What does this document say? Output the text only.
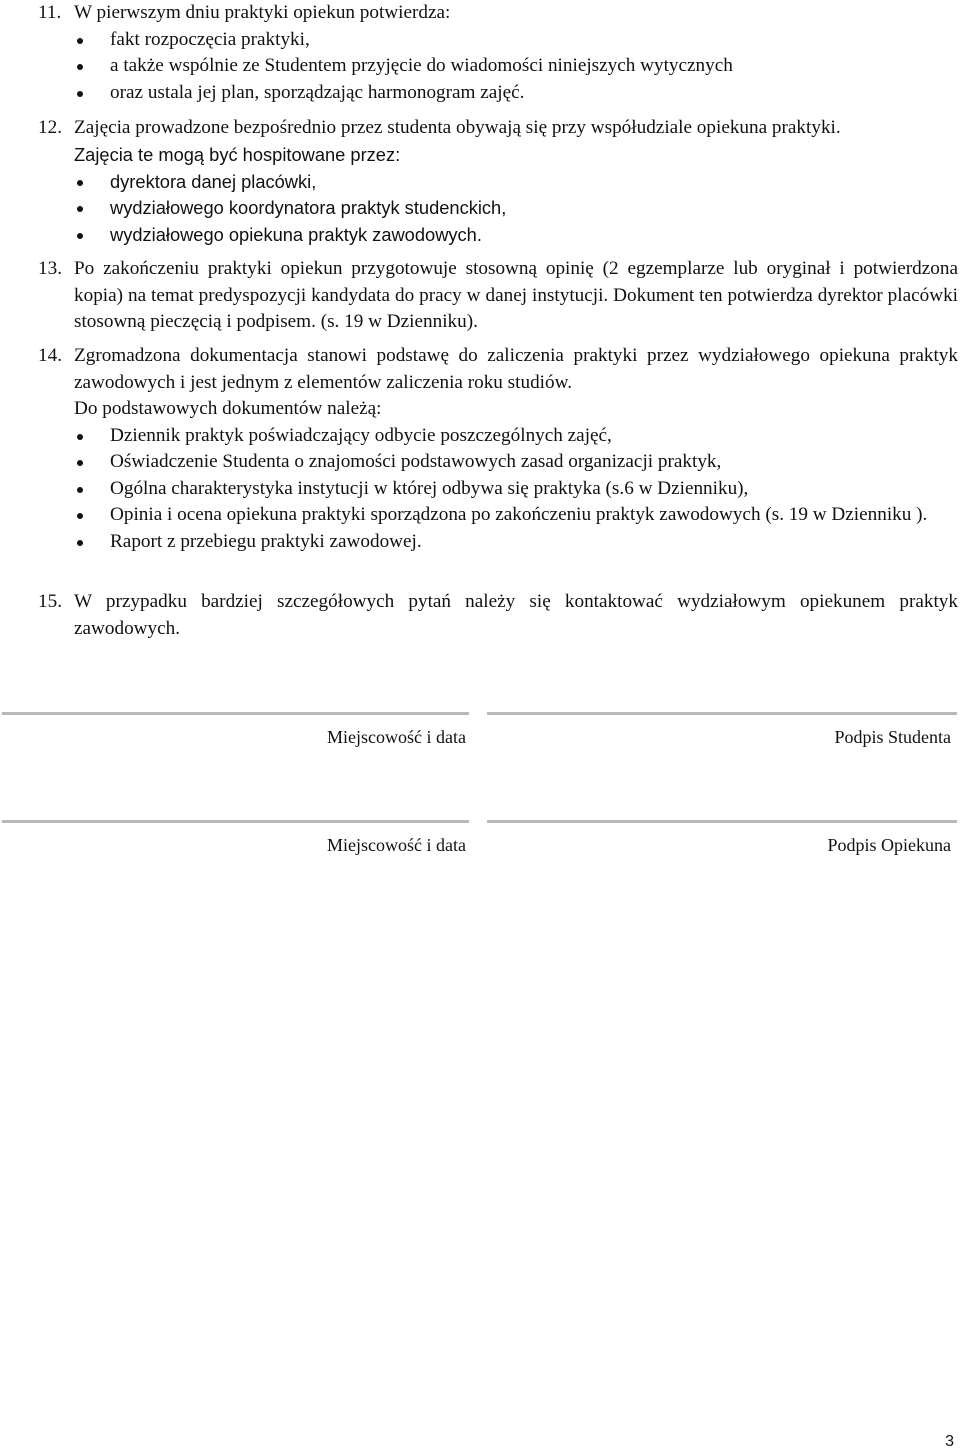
11. W pierwszym dniu praktyki opiekun potwierdza:

fakt rozpoczęcia praktyki,
a także wspólnie ze Studentem przyjęcie do wiadomości niniejszych wytycznych
oraz ustala jej plan, sporządzając harmonogram zajęć.
12. Zajęcia prowadzone bezpośrednio przez studenta obywają się przy współudziale opiekuna praktyki.

Zajęcia te mogą być hospitowane przez:

dyrektora danej placówki,
wydziałowego koordynatora praktyk studenckich,
wydziałowego opiekuna praktyk zawodowych.
13. Po zakończeniu praktyki opiekun przygotowuje stosowną opinię (2 egzemplarze lub oryginał i potwierdzona kopia) na temat predyspozycji kandydata do pracy w danej instytucji. Dokument ten potwierdza dyrektor placówki stosowną pieczęcią i podpisem. (s. 19 w Dzienniku).

14. Zgromadzona dokumentacja stanowi podstawę do zaliczenia praktyki przez wydziałowego opiekuna praktyk zawodowych i jest jednym z elementów zaliczenia roku studiów.

Do podstawowych dokumentów należą:

Dziennik praktyk poświadczający odbycie poszczególnych zajęć,
Oświadczenie Studenta o znajomości podstawowych zasad organizacji praktyk,
Ogólna charakterystyka instytucji w której odbywa się praktyka (s.6 w Dzienniku),
Opinia i ocena opiekuna praktyki sporządzona po zakończeniu praktyk zawodowych (s. 19 w Dzienniku ).
Raport z przebiegu praktyki zawodowej.
15. W przypadku bardziej szczegółowych pytań należy się kontaktować wydziałowym opiekunem praktyk zawodowych.

Miejscowość i data	Podpis Studenta
Miejscowość i data	Podpis Opiekuna
3
